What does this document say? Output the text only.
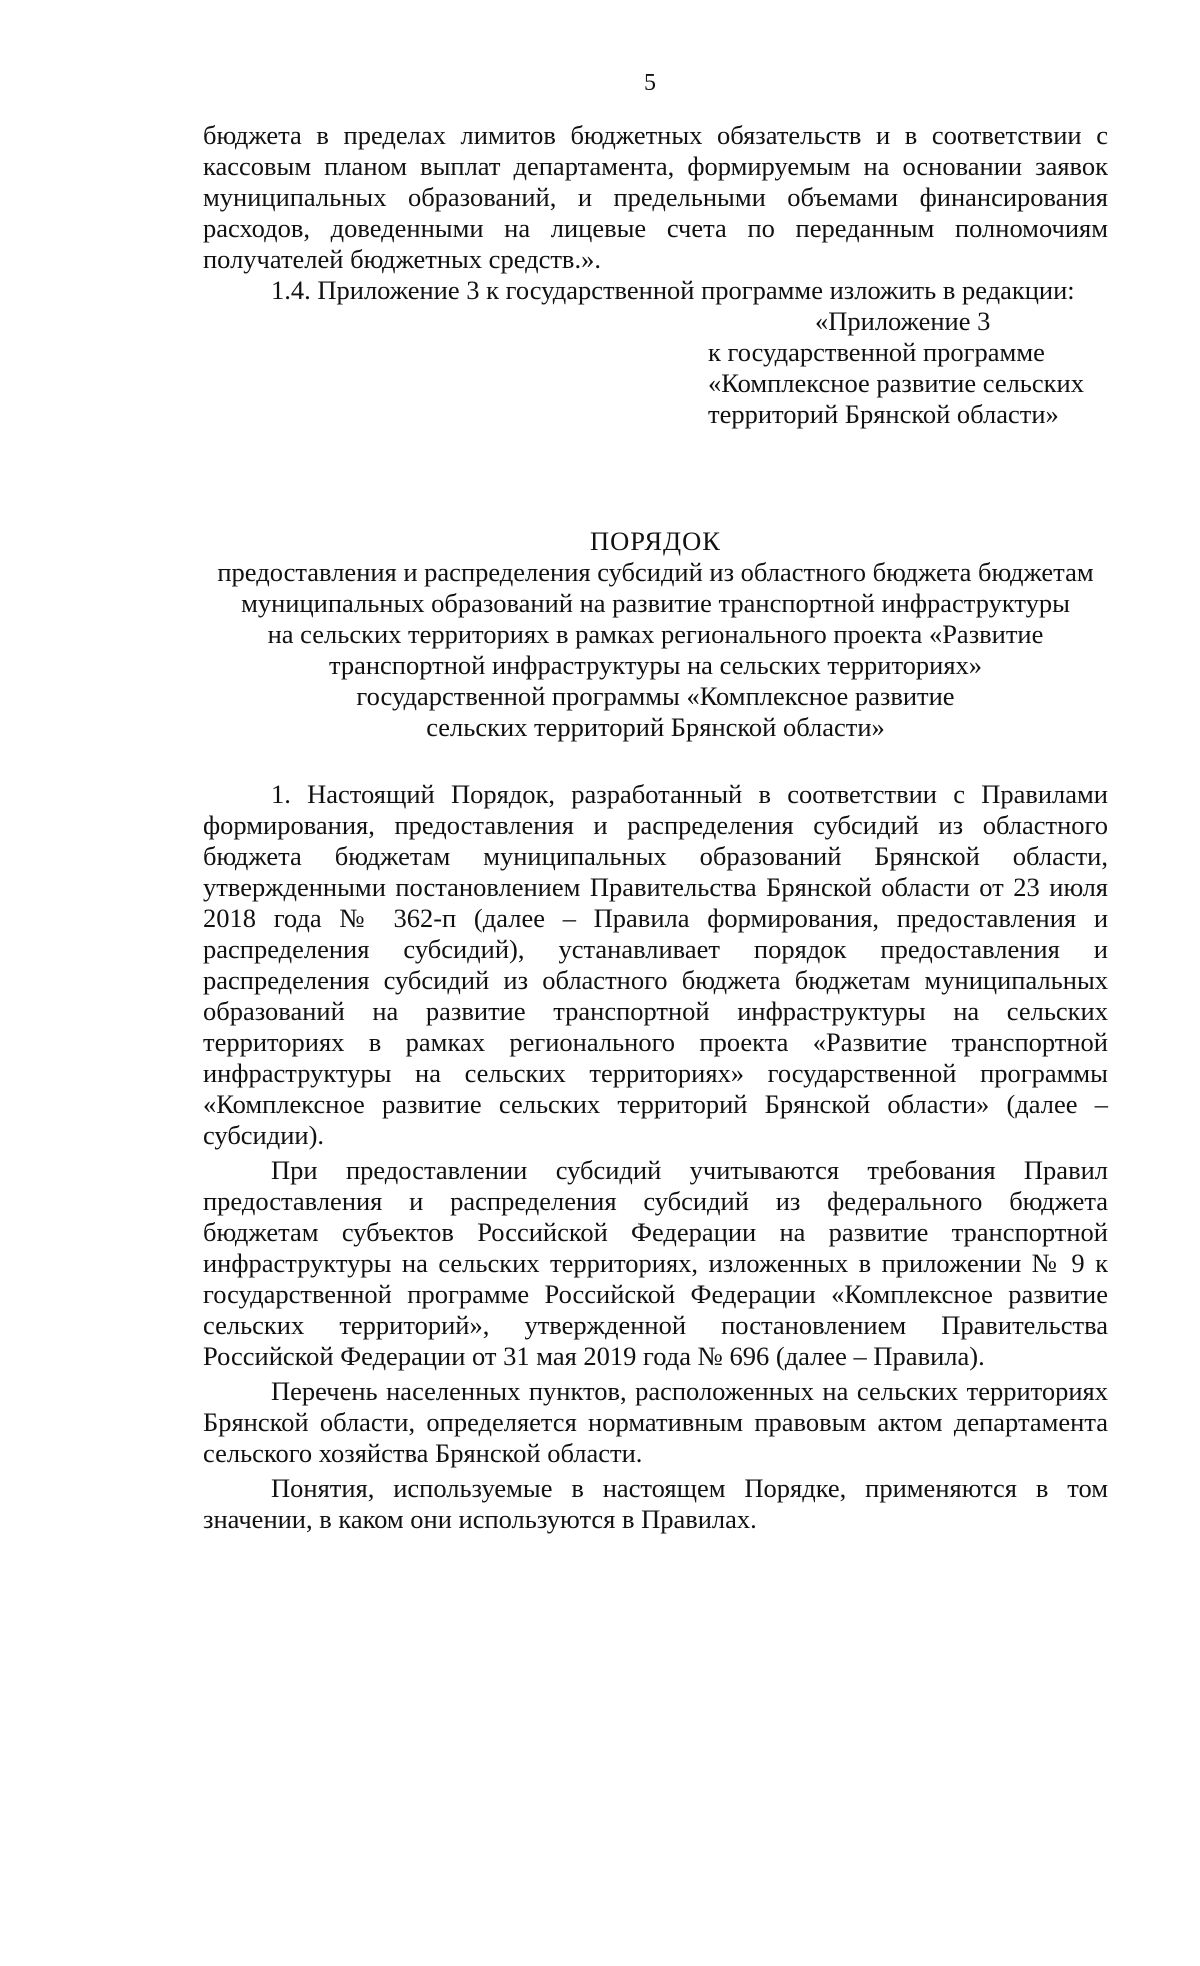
5

бюджета в пределах лимитов бюджетных обязательств и в соответствии с кассовым планом выплат департамента, формируемым на основании заявок муниципальных образований, и предельными объемами финансирования расходов, доведенными на лицевые счета по переданным полномочиям получателей бюджетных средств.».

1.4. Приложение 3 к государственной программе изложить в редакции:

«Приложение 3
к государственной программе
«Комплексное развитие сельских
территорий Брянской области»
ПОРЯДОК
предоставления и распределения субсидий из областного бюджета бюджетам
муниципальных образований на развитие транспортной инфраструктуры
на сельских территориях в рамках регионального проекта «Развитие
транспортной инфраструктуры на сельских территориях»
государственной программы «Комплексное развитие
сельских территорий Брянской области»

1. Настоящий Порядок, разработанный в соответствии с Правилами формирования, предоставления и распределения субсидий из областного бюджета бюджетам муниципальных образований Брянской области, утвержденными постановлением Правительства Брянской области от 23 июля 2018 года № 362-п (далее – Правила формирования, предоставления и распределения субсидий), устанавливает порядок предоставления и распределения субсидий из областного бюджета бюджетам муниципальных образований на развитие транспортной инфраструктуры на сельских территориях в рамках регионального проекта «Развитие транспортной инфраструктуры на сельских территориях» государственной программы «Комплексное развитие сельских территорий Брянской области» (далее – субсидии).

При предоставлении субсидий учитываются требования Правил предоставления и распределения субсидий из федерального бюджета бюджетам субъектов Российской Федерации на развитие транспортной инфраструктуры на сельских территориях, изложенных в приложении № 9 к государственной программе Российской Федерации «Комплексное развитие сельских территорий», утвержденной постановлением Правительства Российской Федерации от 31 мая 2019 года № 696 (далее – Правила).

Перечень населенных пунктов, расположенных на сельских территориях Брянской области, определяется нормативным правовым актом департамента сельского хозяйства Брянской области.

Понятия, используемые в настоящем Порядке, применяются в том значении, в каком они используются в Правилах.
